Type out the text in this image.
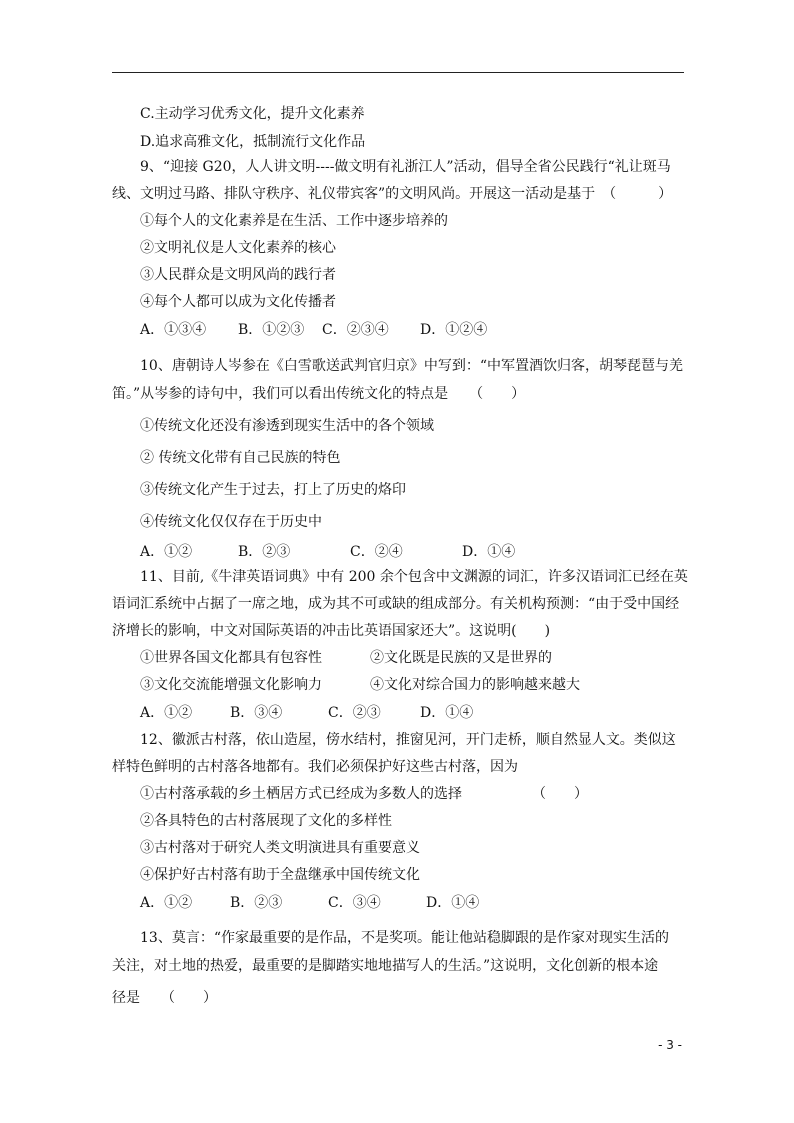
C.主动学习优秀文化，提升文化素养
D.追求高雅文化，抵制流行文化作品
9、“迎接 G20，人人讲文明----做文明有礼浙江人”活动，倡导全省公民践行“礼让斑马
线、文明过马路、排队守秩序、礼仪带宾客”的文明风尚。开展这一活动是基于　（　　　）
①每个人的文化素养是在生活、工作中逐步培养的
②文明礼仪是人文化素养的核心
③人民群众是文明风尚的践行者
④每个人都可以成为文化传播者
A．①③④ B．①②③ C．②③④ D．①②④
10、唐朝诗人岑参在《白雪歌送武判官归京》中写到：“中军置酒饮归客，胡琴琵琶与羌
笛。”从岑参的诗句中，我们可以看出传统文化的特点是　　（　　）
①传统文化还没有渗透到现实生活中的各个领域
② 传统文化带有自己民族的特色
③传统文化产生于过去，打上了历史的烙印
④传统文化仅仅存在于历史中
A．①②	B．②③	C．②④	D．①④
11、目前,《牛津英语词典》中有 200 余个包含中文渊源的词汇，许多汉语词汇已经在英
语词汇系统中占据了一席之地，成为其不可或缺的组成部分。有关机构预测：“由于受中国经
济增长的影响，中文对国际英语的冲击比英语国家还大”。这说明(　　)
①世界各国文化都具有包容性	②文化既是民族的又是世界的
③文化交流能增强文化影响力	④文化对综合国力的影响越来越大
A．①②	B．③④	C．②③	D．①④
12、徽派古村落，依山造屋，傍水结村，推窗见河，开门走桥，顺自然显人文。类似这
样特色鲜明的古村落各地都有。我们必须保护好这些古村落，因为
①古村落承载的乡土栖居方式已经成为多数人的选择	（　　）
②各具特色的古村落展现了文化的多样性
③古村落对于研究人类文明演进具有重要意义
④保护好古村落有助于全盘继承中国传统文化
A．①②	B．②③	C．③④	D．①④
13、莫言：“作家最重要的是作品，不是奖项。能让他站稳脚跟的是作家对现实生活的
关注，对土地的热爱，最重要的是脚踏实地地描写人的生活。”这说明，文化创新的根本途
径是　　（　　）
- 3 -
